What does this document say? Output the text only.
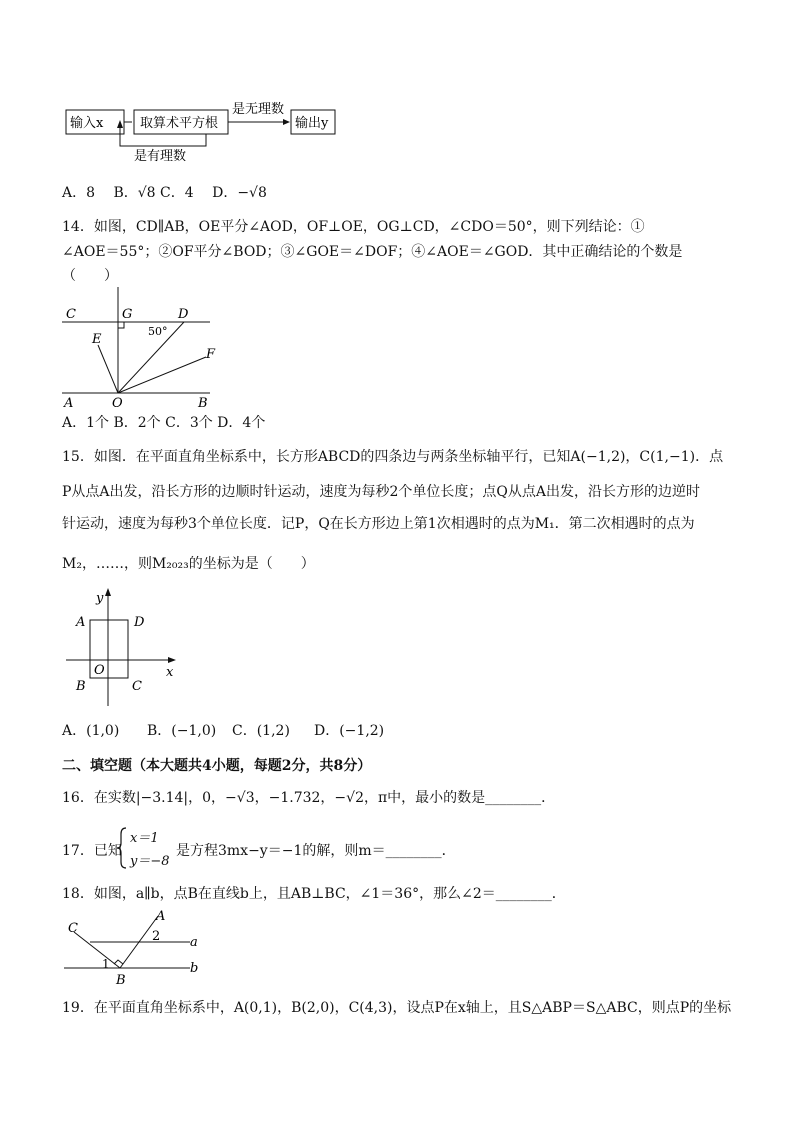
输入x	取算术平方根
是无理数
输出y
是有理数
A．8　 B．√8 C．4　 D．−√8
14．如图，CD∥AB，OE平分∠AOD，OF⊥OE，OG⊥CD，∠CDO＝50°，则下列结论：①
∠AOE＝55°；②OF平分∠BOD；③∠GOE＝∠DOF；④∠AOE＝∠GOD．其中正确结论的个数是
（　　）
C	G	D
50°
E
F
A	O	B
A．1个 B．2个 C．3个 D．4个
15．如图．在平面直角坐标系中，长方形ABCD的四条边与两条坐标轴平行，已知A(−1,2)，C(1,−1)．点
P从点A出发，沿长方形的边顺时针运动，速度为每秒2个单位长度；点Q从点A出发，沿长方形的边逆时
针运动，速度为每秒3个单位长度．记P，Q在长方形边上第1次相遇时的点为M₁．第二次相遇时的点为
M₂，……，则M₂₀₂₃的坐标为是（　　）
y
x
A	D
O
B	C
A．(1,0) B．(−1,0) C．(1,2) D．(−1,2)
二、填空题（本大题共4小题，每题2分，共8分）
16．在实数|−3.14|，0，−√3，−1.732，−√2，π中，最小的数是________．
17．已知
x＝1
y＝−8
是方程3mx−y＝−1的解，则m＝________．
18．如图，a∥b，点B在直线b上，且AB⊥BC，∠1＝36°，那么∠2＝________．
C
A
2 a
1	b
B
19．在平面直角坐标系中，A(0,1)，B(2,0)，C(4,3)，设点P在x轴上，且S△ABP＝S△ABC，则点P的坐标
